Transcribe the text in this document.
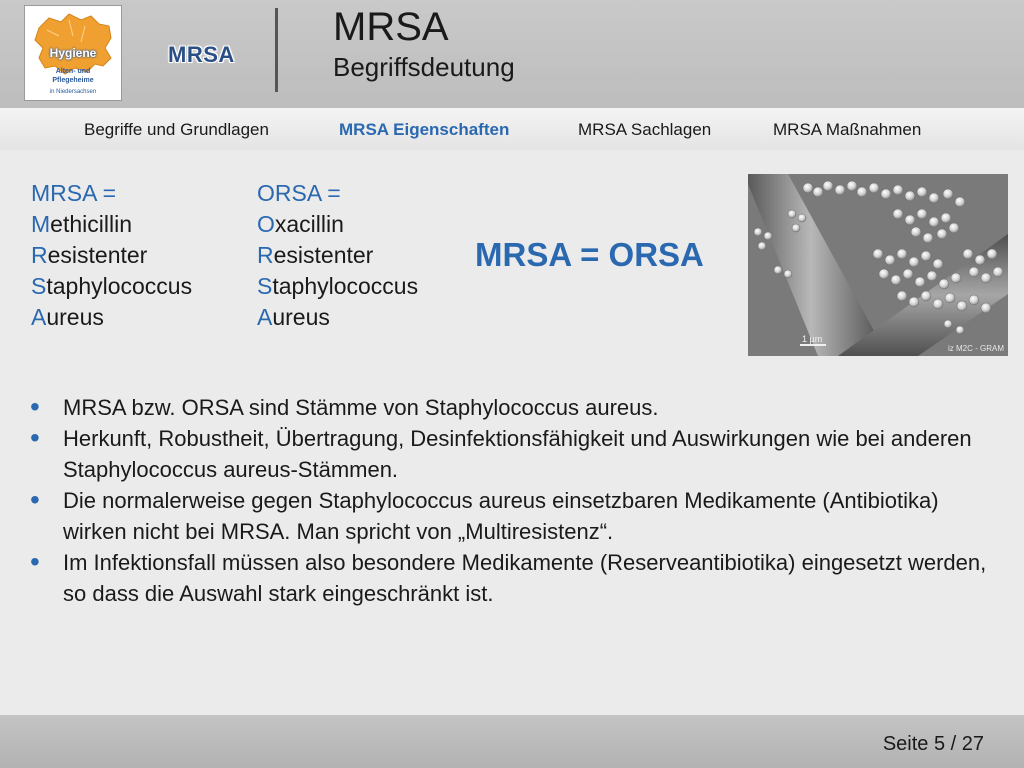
Hygiene
Alten- und
Pflegeheime
in Niedersachsen
MRSA
MRSA
Begriffsdeutung
Begriffe und Grundlagen	MRSA Eigenschaften	MRSA Sachlagen	MRSA Maßnahmen
MRSA =
Methicillin
Resistenter
Staphylococcus
Aureus
ORSA =
Oxacillin
Resistenter
Staphylococcus
Aureus
MRSA = ORSA
1 µm
iz M2C - GRAM
• MRSA bzw. ORSA sind Stämme von Staphylococcus aureus.
• Herkunft, Robustheit, Übertragung, Desinfektionsfähigkeit und Auswirkungen wie bei anderen Staphylococcus aureus-Stämmen.
• Die normalerweise gegen Staphylococcus aureus einsetzbaren Medikamente (Antibiotika) wirken nicht bei MRSA. Man spricht von „Multiresistenz“.
• Im Infektionsfall müssen also besondere Medikamente (Reserveantibiotika) eingesetzt werden, so dass die Auswahl stark eingeschränkt ist.
Seite 5 / 27
